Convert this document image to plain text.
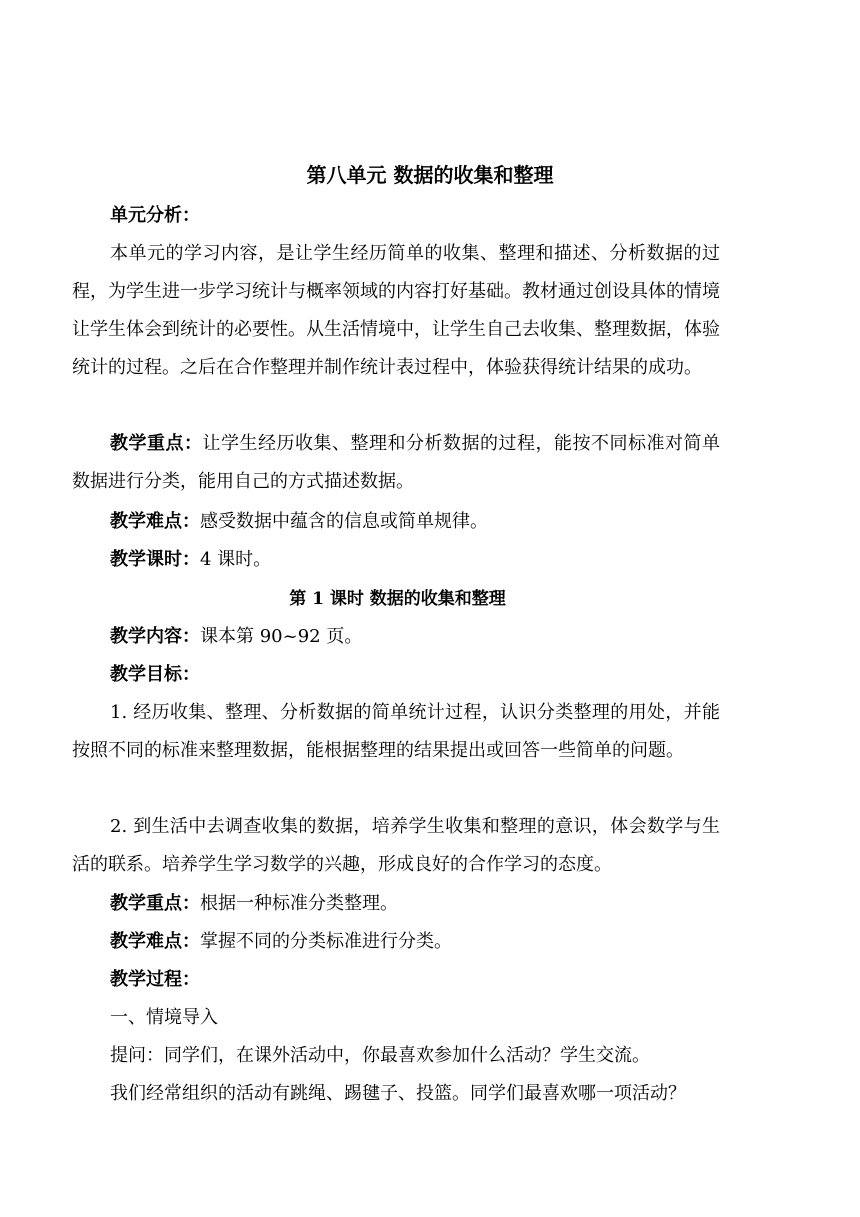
第八单元 数据的收集和整理
单元分析：
本单元的学习内容，是让学生经历简单的收集、整理和描述、分析数据的过程，为学生进一步学习统计与概率领域的内容打好基础。教材通过创设具体的情境让学生体会到统计的必要性。从生活情境中，让学生自己去收集、整理数据，体验统计的过程。之后在合作整理并制作统计表过程中，体验获得统计结果的成功。
教学重点：让学生经历收集、整理和分析数据的过程，能按不同标准对简单数据进行分类，能用自己的方式描述数据。
教学难点：感受数据中蕴含的信息或简单规律。
教学课时：4 课时。
第 1 课时 数据的收集和整理
教学内容：课本第 90~92 页。
教学目标：
1. 经历收集、整理、分析数据的简单统计过程，认识分类整理的用处，并能按照不同的标准来整理数据，能根据整理的结果提出或回答一些简单的问题。
2. 到生活中去调查收集的数据，培养学生收集和整理的意识，体会数学与生活的联系。培养学生学习数学的兴趣，形成良好的合作学习的态度。
教学重点：根据一种标准分类整理。
教学难点：掌握不同的分类标准进行分类。
教学过程：
一、情境导入
提问：同学们，在课外活动中，你最喜欢参加什么活动？学生交流。
我们经常组织的活动有跳绳、踢毽子、投篮。同学们最喜欢哪一项活动？
